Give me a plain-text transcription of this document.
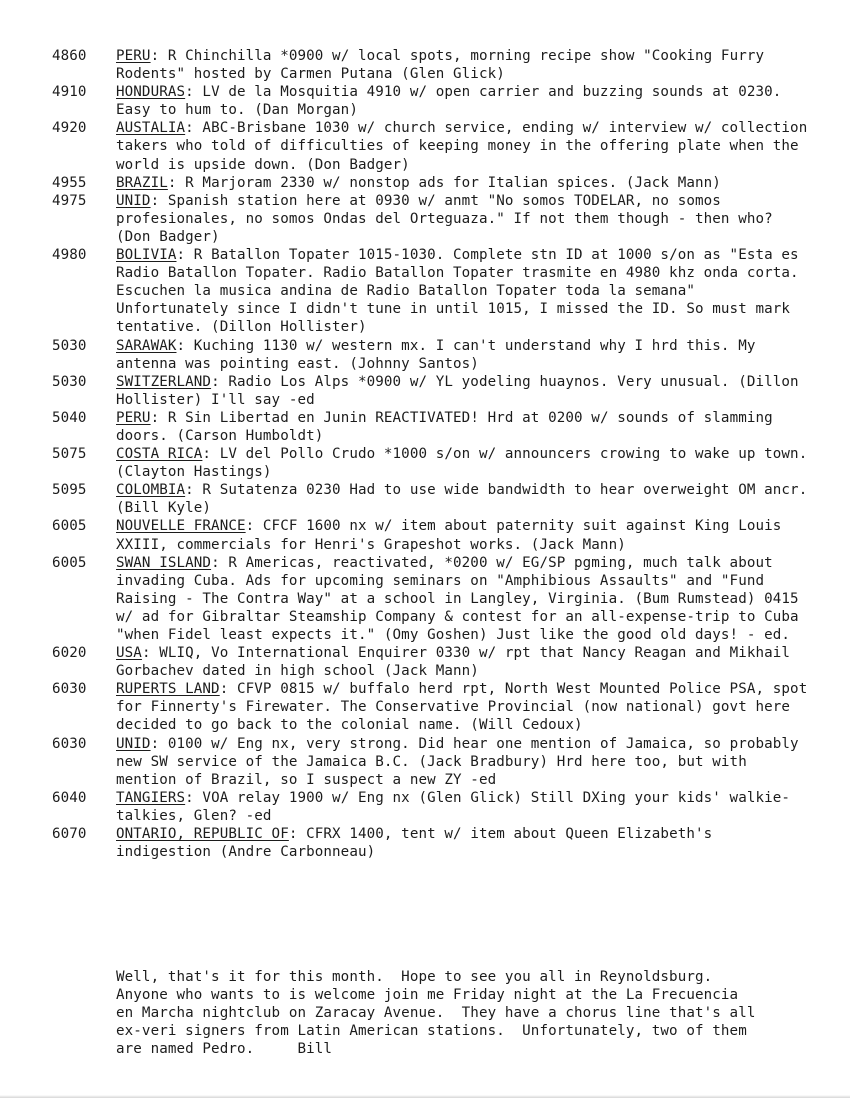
4860	PERU: R Chinchilla *0900 w/ local spots, morning recipe show "Cooking Furry Rodents" hosted by Carmen Putana (Glen Glick)
4910	HONDURAS: LV de la Mosquitia 4910 w/ open carrier and buzzing sounds at 0230. Easy to hum to. (Dan Morgan)
4920	AUSTALIA: ABC-Brisbane 1030 w/ church service, ending w/ interview w/ collection takers who told of difficulties of keeping money in the offering plate when the world is upside down. (Don Badger)
4955	BRAZIL: R Marjoram 2330 w/ nonstop ads for Italian spices. (Jack Mann)
4975	UNID: Spanish station here at 0930 w/ anmt "No somos TODELAR, no somos profesionales, no somos Ondas del Orteguaza." If not them though - then who? (Don Badger)
4980	BOLIVIA: R Batallon Topater 1015-1030. Complete stn ID at 1000 s/on as "Esta es Radio Batallon Topater. Radio Batallon Topater trasmite en 4980 khz onda corta. Escuchen la musica andina de Radio Batallon Topater toda la semana" Unfortunately since I didn't tune in until 1015, I missed the ID. So must mark tentative. (Dillon Hollister)
5030	SARAWAK: Kuching 1130 w/ western mx. I can't understand why I hrd this. My antenna was pointing east. (Johnny Santos)
5030	SWITZERLAND: Radio Los Alps *0900 w/ YL yodeling huaynos. Very unusual. (Dillon Hollister) I'll say -ed
5040	PERU: R Sin Libertad en Junin REACTIVATED! Hrd at 0200 w/ sounds of slamming doors. (Carson Humboldt)
5075	COSTA RICA: LV del Pollo Crudo *1000 s/on w/ announcers crowing to wake up town. (Clayton Hastings)
5095	COLOMBIA: R Sutatenza 0230 Had to use wide bandwidth to hear overweight OM ancr. (Bill Kyle)
6005	NOUVELLE FRANCE: CFCF 1600 nx w/ item about paternity suit against King Louis XXIII, commercials for Henri's Grapeshot works. (Jack Mann)
6005	SWAN ISLAND: R Americas, reactivated, *0200 w/ EG/SP pgming, much talk about invading Cuba. Ads for upcoming seminars on "Amphibious Assaults" and "Fund Raising - The Contra Way" at a school in Langley, Virginia. (Bum Rumstead) 0415 w/ ad for Gibraltar Steamship Company & contest for an all-expense-trip to Cuba "when Fidel least expects it." (Omy Goshen) Just like the good old days! - ed.
6020	USA: WLIQ, Vo International Enquirer 0330 w/ rpt that Nancy Reagan and Mikhail Gorbachev dated in high school (Jack Mann)
6030	RUPERTS LAND: CFVP 0815 w/ buffalo herd rpt, North West Mounted Police PSA, spot for Finnerty's Firewater. The Conservative Provincial (now national) govt here decided to go back to the colonial name. (Will Cedoux)
6030	UNID: 0100 w/ Eng nx, very strong. Did hear one mention of Jamaica, so probably new SW service of the Jamaica B.C. (Jack Bradbury) Hrd here too, but with mention of Brazil, so I suspect a new ZY -ed
6040	TANGIERS: VOA relay 1900 w/ Eng nx (Glen Glick) Still DXing your kids' walkie-talkies, Glen? -ed
6070	ONTARIO, REPUBLIC OF: CFRX 1400, tent w/ item about Queen Elizabeth's indigestion (Andre Carbonneau)
Well, that's it for this month.  Hope to see you all in Reynoldsburg.  Anyone who wants to is welcome join me Friday night at the La Frecuencia en Marcha nightclub on Zaracay Avenue.  They have a chorus line that's all ex-veri signers from Latin American stations.  Unfortunately, two of them are named Pedro.     Bill
